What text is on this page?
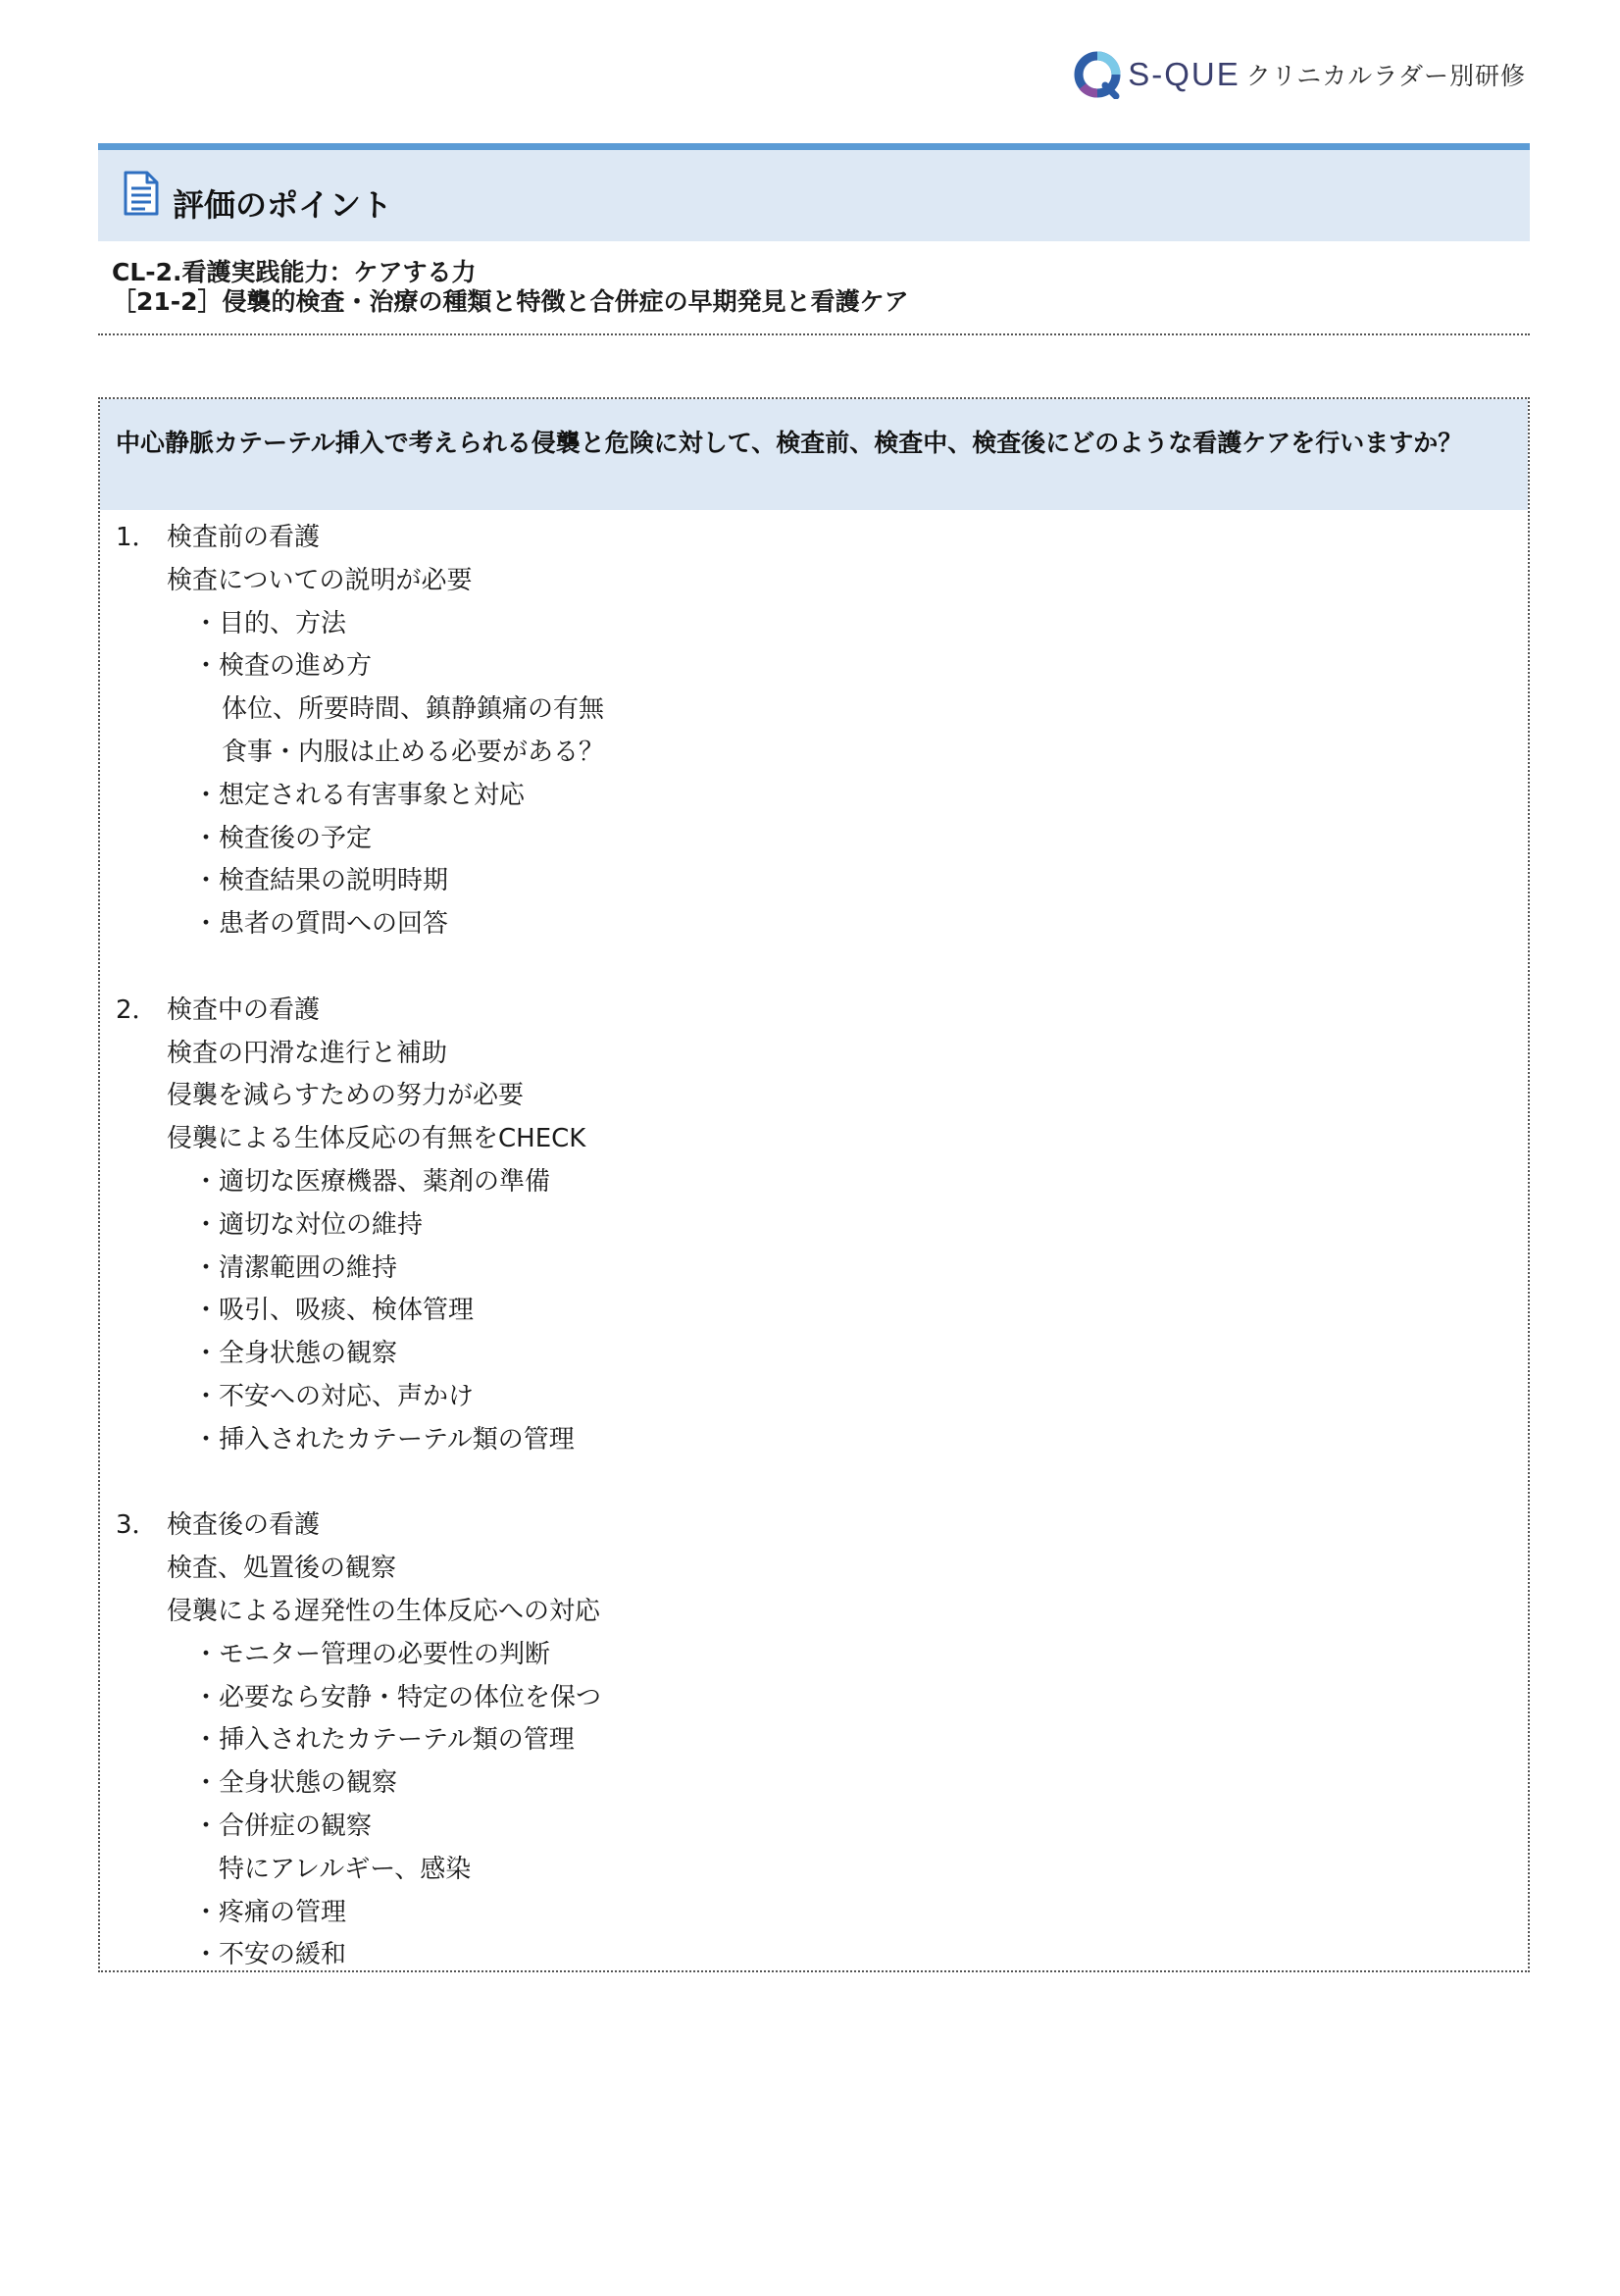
S-QUE クリニカルラダー別研修
評価のポイント
CL-2.看護実践能力：ケアする力
［21-2］侵襲的検査・治療の種類と特徴と合併症の早期発見と看護ケア
中心静脈カテーテル挿入で考えられる侵襲と危険に対して、検査前、検査中、検査後にどのような看護ケアを行いますか？
1． 検査前の看護
検査についての説明が必要
・目的、方法
・検査の進め方
体位、所要時間、鎮静鎮痛の有無
食事・内服は止める必要がある？
・想定される有害事象と対応
・検査後の予定
・検査結果の説明時期
・患者の質問への回答
2． 検査中の看護
検査の円滑な進行と補助
侵襲を減らすための努力が必要
侵襲による生体反応の有無をCHECK
・適切な医療機器、薬剤の準備
・適切な対位の維持
・清潔範囲の維持
・吸引、吸痰、検体管理
・全身状態の観察
・不安への対応、声かけ
・挿入されたカテーテル類の管理
3． 検査後の看護
検査、処置後の観察
侵襲による遅発性の生体反応への対応
・モニター管理の必要性の判断
・必要なら安静・特定の体位を保つ
・挿入されたカテーテル類の管理
・全身状態の観察
・合併症の観察
　特にアレルギー、感染
・疼痛の管理
・不安の緩和
